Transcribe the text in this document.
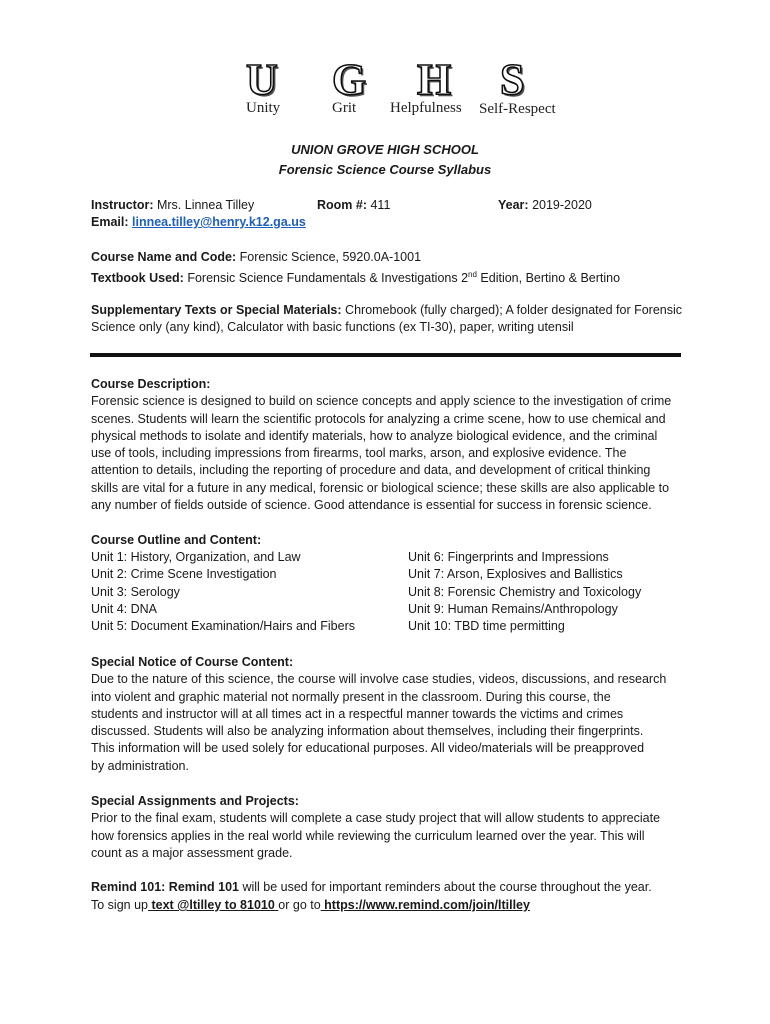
U G H S
Unity	Grit Helpfulness Self-Respect
UNION GROVE HIGH SCHOOL
Forensic Science Course Syllabus
Instructor: Mrs. Linnea Tilley	Room #: 411	Year: 2019-2020
Email: linnea.tilley@henry.k12.ga.us
Course Name and Code: Forensic Science, 5920.0A-1001
Textbook Used: Forensic Science Fundamentals & Investigations 2nd Edition, Bertino & Bertino
Supplementary Texts or Special Materials: Chromebook (fully charged); A folder designated for Forensic
Science only (any kind), Calculator with basic functions (ex TI-30), paper, writing utensil
Course Description:
Forensic science is designed to build on science concepts and apply science to the investigation of crime
scenes. Students will learn the scientific protocols for analyzing a crime scene, how to use chemical and
physical methods to isolate and identify materials, how to analyze biological evidence, and the criminal
use of tools, including impressions from firearms, tool marks, arson, and explosive evidence. The
attention to details, including the reporting of procedure and data, and development of critical thinking
skills are vital for a future in any medical, forensic or biological science; these skills are also applicable to
any number of fields outside of science. Good attendance is essential for success in forensic science.
Course Outline and Content:
Unit 1: History, Organization, and Law
Unit 2: Crime Scene Investigation
Unit 3: Serology
Unit 4: DNA
Unit 5: Document Examination/Hairs and Fibers
Unit 6: Fingerprints and Impressions
Unit 7: Arson, Explosives and Ballistics
Unit 8: Forensic Chemistry and Toxicology
Unit 9: Human Remains/Anthropology
Unit 10: TBD time permitting
Special Notice of Course Content:
Due to the nature of this science, the course will involve case studies, videos, discussions, and research
into violent and graphic material not normally present in the classroom. During this course, the
students and instructor will at all times act in a respectful manner towards the victims and crimes
discussed. Students will also be analyzing information about themselves, including their fingerprints.
This information will be used solely for educational purposes. All video/materials will be preapproved
by administration.
Special Assignments and Projects:
Prior to the final exam, students will complete a case study project that will allow students to appreciate
how forensics applies in the real world while reviewing the curriculum learned over the year. This will
count as a major assessment grade.
Remind 101: Remind 101 will be used for important reminders about the course throughout the year.
To sign up text @ltilley to 81010 or go to https://www.remind.com/join/ltilley
